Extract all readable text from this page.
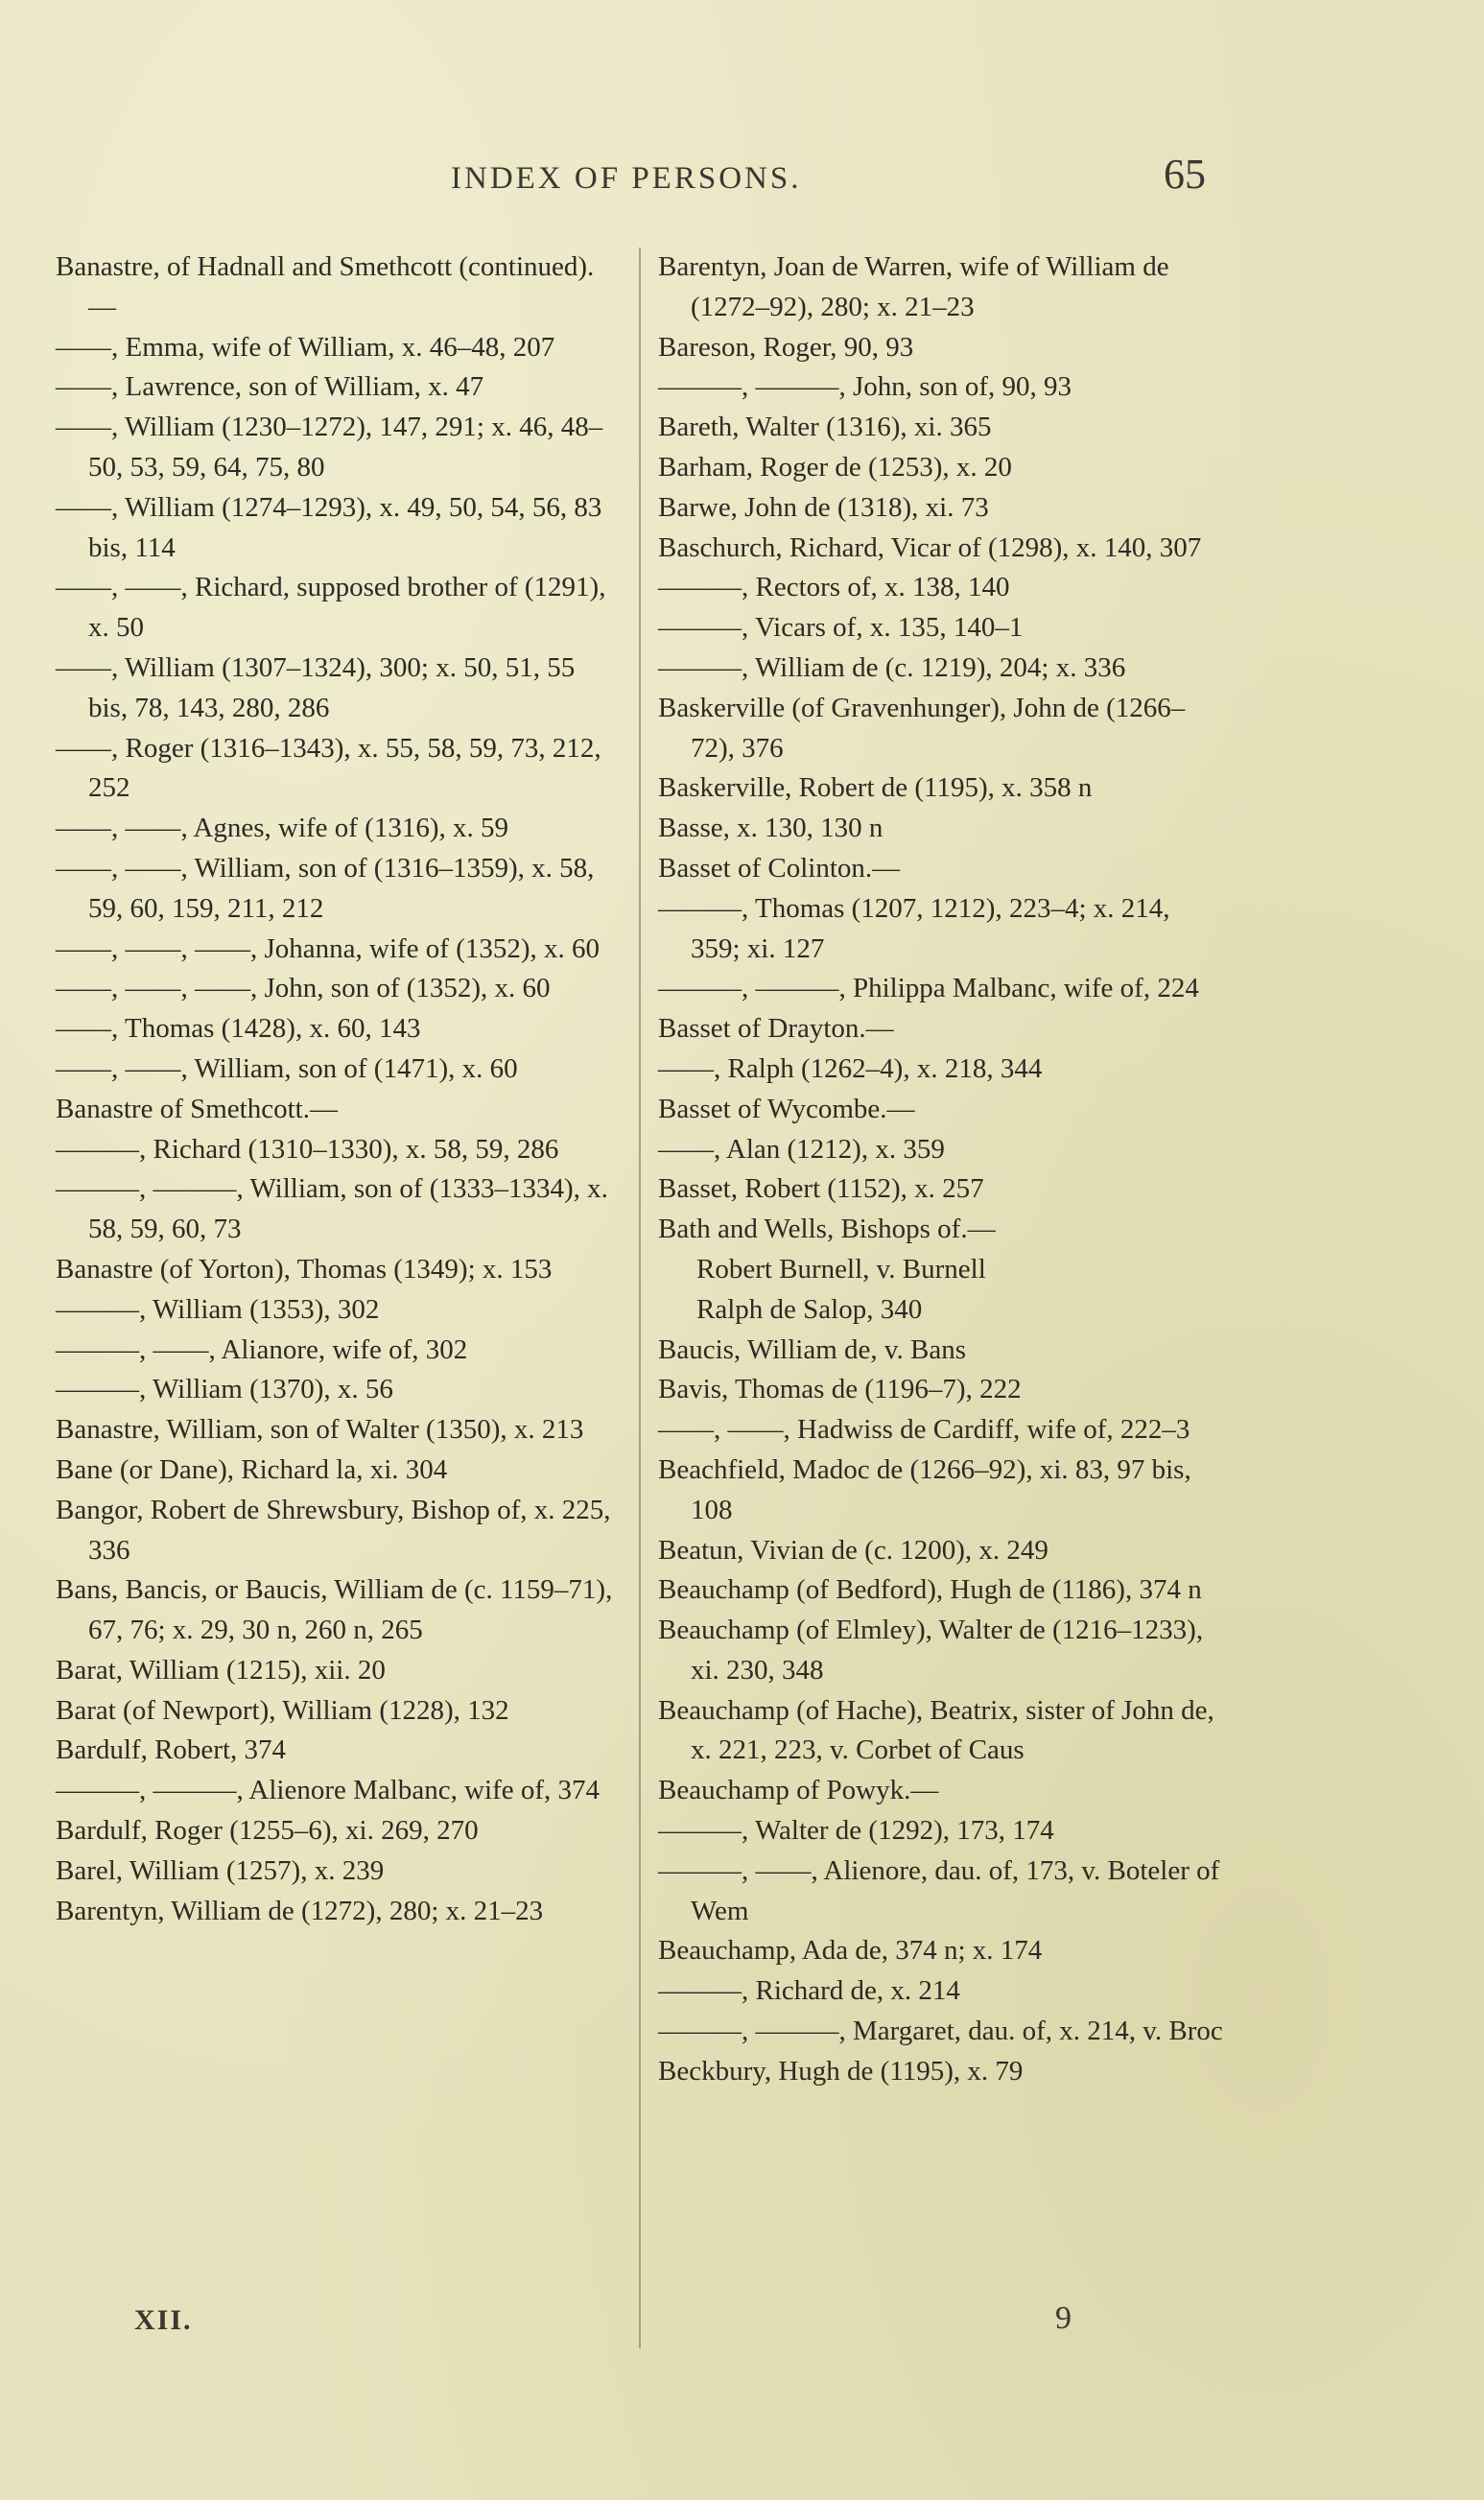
INDEX OF PERSONS.	65
Banastre, of Hadnall and Smethcott (continued).—
——, Emma, wife of William, x. 46–48, 207
——, Lawrence, son of William, x. 47
——, William (1230–1272), 147, 291; x. 46, 48–50, 53, 59, 64, 75, 80
——, William (1274–1293), x. 49, 50, 54, 56, 83 bis, 114
——, ——, Richard, supposed brother of (1291), x. 50
——, William (1307–1324), 300; x. 50, 51, 55 bis, 78, 143, 280, 286
——, Roger (1316–1343), x. 55, 58, 59, 73, 212, 252
——, ——, Agnes, wife of (1316), x. 59
——, ——, William, son of (1316–1359), x. 58, 59, 60, 159, 211, 212
——, ——, ——, Johanna, wife of (1352), x. 60
——, ——, ——, John, son of (1352), x. 60
——, Thomas (1428), x. 60, 143
——, ——, William, son of (1471), x. 60
Banastre of Smethcott.—
———, Richard (1310–1330), x. 58, 59, 286
———, ———, William, son of (1333–1334), x. 58, 59, 60, 73
Banastre (of Yorton), Thomas (1349); x. 153
———, William (1353), 302
———, ——, Alianore, wife of, 302
———, William (1370), x. 56
Banastre, William, son of Walter (1350), x. 213
Bane (or Dane), Richard la, xi. 304
Bangor, Robert de Shrewsbury, Bishop of, x. 225, 336
Bans, Bancis, or Baucis, William de (c. 1159–71), 67, 76; x. 29, 30 n, 260 n, 265
Barat, William (1215), xii. 20
Barat (of Newport), William (1228), 132
Bardulf, Robert, 374
———, ———, Alienore Malbanc, wife of, 374
Bardulf, Roger (1255–6), xi. 269, 270
Barel, William (1257), x. 239
Barentyn, William de (1272), 280; x. 21–23
Barentyn, Joan de Warren, wife of William de (1272–92), 280; x. 21–23
Bareson, Roger, 90, 93
———, ———, John, son of, 90, 93
Bareth, Walter (1316), xi. 365
Barham, Roger de (1253), x. 20
Barwe, John de (1318), xi. 73
Baschurch, Richard, Vicar of (1298), x. 140, 307
———, Rectors of, x. 138, 140
———, Vicars of, x. 135, 140–1
———, William de (c. 1219), 204; x. 336
Baskerville (of Gravenhunger), John de (1266–72), 376
Baskerville, Robert de (1195), x. 358 n
Basse, x. 130, 130 n
Basset of Colinton.—
———, Thomas (1207, 1212), 223–4; x. 214, 359; xi. 127
———, ———, Philippa Malbanc, wife of, 224
Basset of Drayton.—
——, Ralph (1262–4), x. 218, 344
Basset of Wycombe.—
——, Alan (1212), x. 359
Basset, Robert (1152), x. 257
Bath and Wells, Bishops of.—
Robert Burnell, v. Burnell
Ralph de Salop, 340
Baucis, William de, v. Bans
Bavis, Thomas de (1196–7), 222
——, ——, Hadwiss de Cardiff, wife of, 222–3
Beachfield, Madoc de (1266–92), xi. 83, 97 bis, 108
Beatun, Vivian de (c. 1200), x. 249
Beauchamp (of Bedford), Hugh de (1186), 374 n
Beauchamp (of Elmley), Walter de (1216–1233), xi. 230, 348
Beauchamp (of Hache), Beatrix, sister of John de, x. 221, 223, v. Corbet of Caus
Beauchamp of Powyk.—
———, Walter de (1292), 173, 174
———, ——, Alienore, dau. of, 173, v. Boteler of Wem
Beauchamp, Ada de, 374 n; x. 174
———, Richard de, x. 214
———, ———, Margaret, dau. of, x. 214, v. Broc
Beckbury, Hugh de (1195), x. 79
XII.	9
